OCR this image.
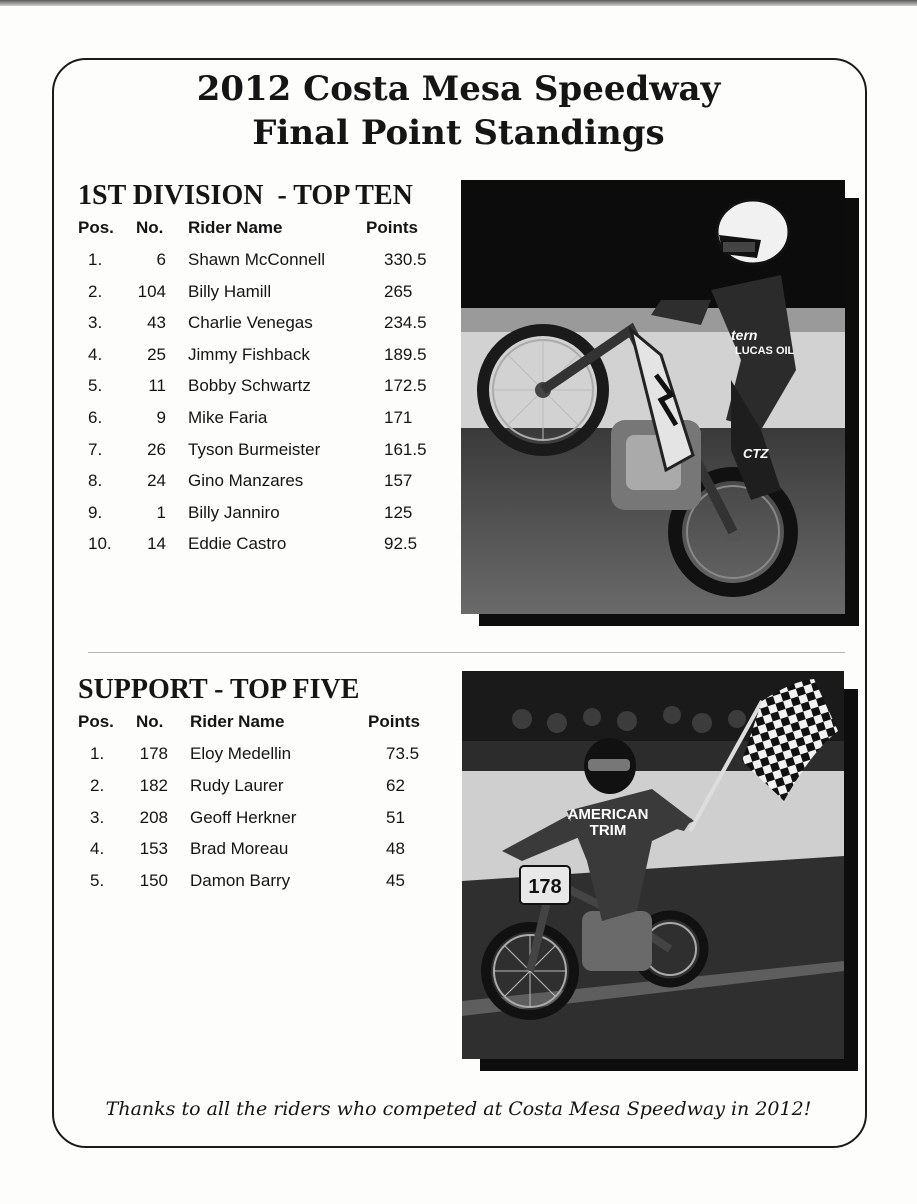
2012 Costa Mesa Speedway
Final Point Standings
1ST DIVISION  - TOP TEN
Pos. No. Rider Name	Points
1.	6 Shawn McConnell	330.5
2.	104 Billy Hamill	265
3.	43 Charlie Venegas	234.5
4.	25 Jimmy Fishback	189.5
5.	11 Bobby Schwartz	172.5
6.	9 Mike Faria	171
7.	26 Tyson Burmeister	161.5
8.	24 Gino Manzares	157
9.	1 Billy Janniro	125
10.	14 Eddie Castro	92.5
tern
LUCAS OIL
CTZ
SUPPORT - TOP FIVE
Pos. No. Rider Name	Points
1.	178 Eloy Medellin	73.5
2.	182 Rudy Laurer	62
3.	208 Geoff Herkner	51
4.	153 Brad Moreau	48
5.	150 Damon Barry	45	178
AMERICAN
TRIM

Thanks to all the riders who competed at Costa Mesa Speedway in 2012!
